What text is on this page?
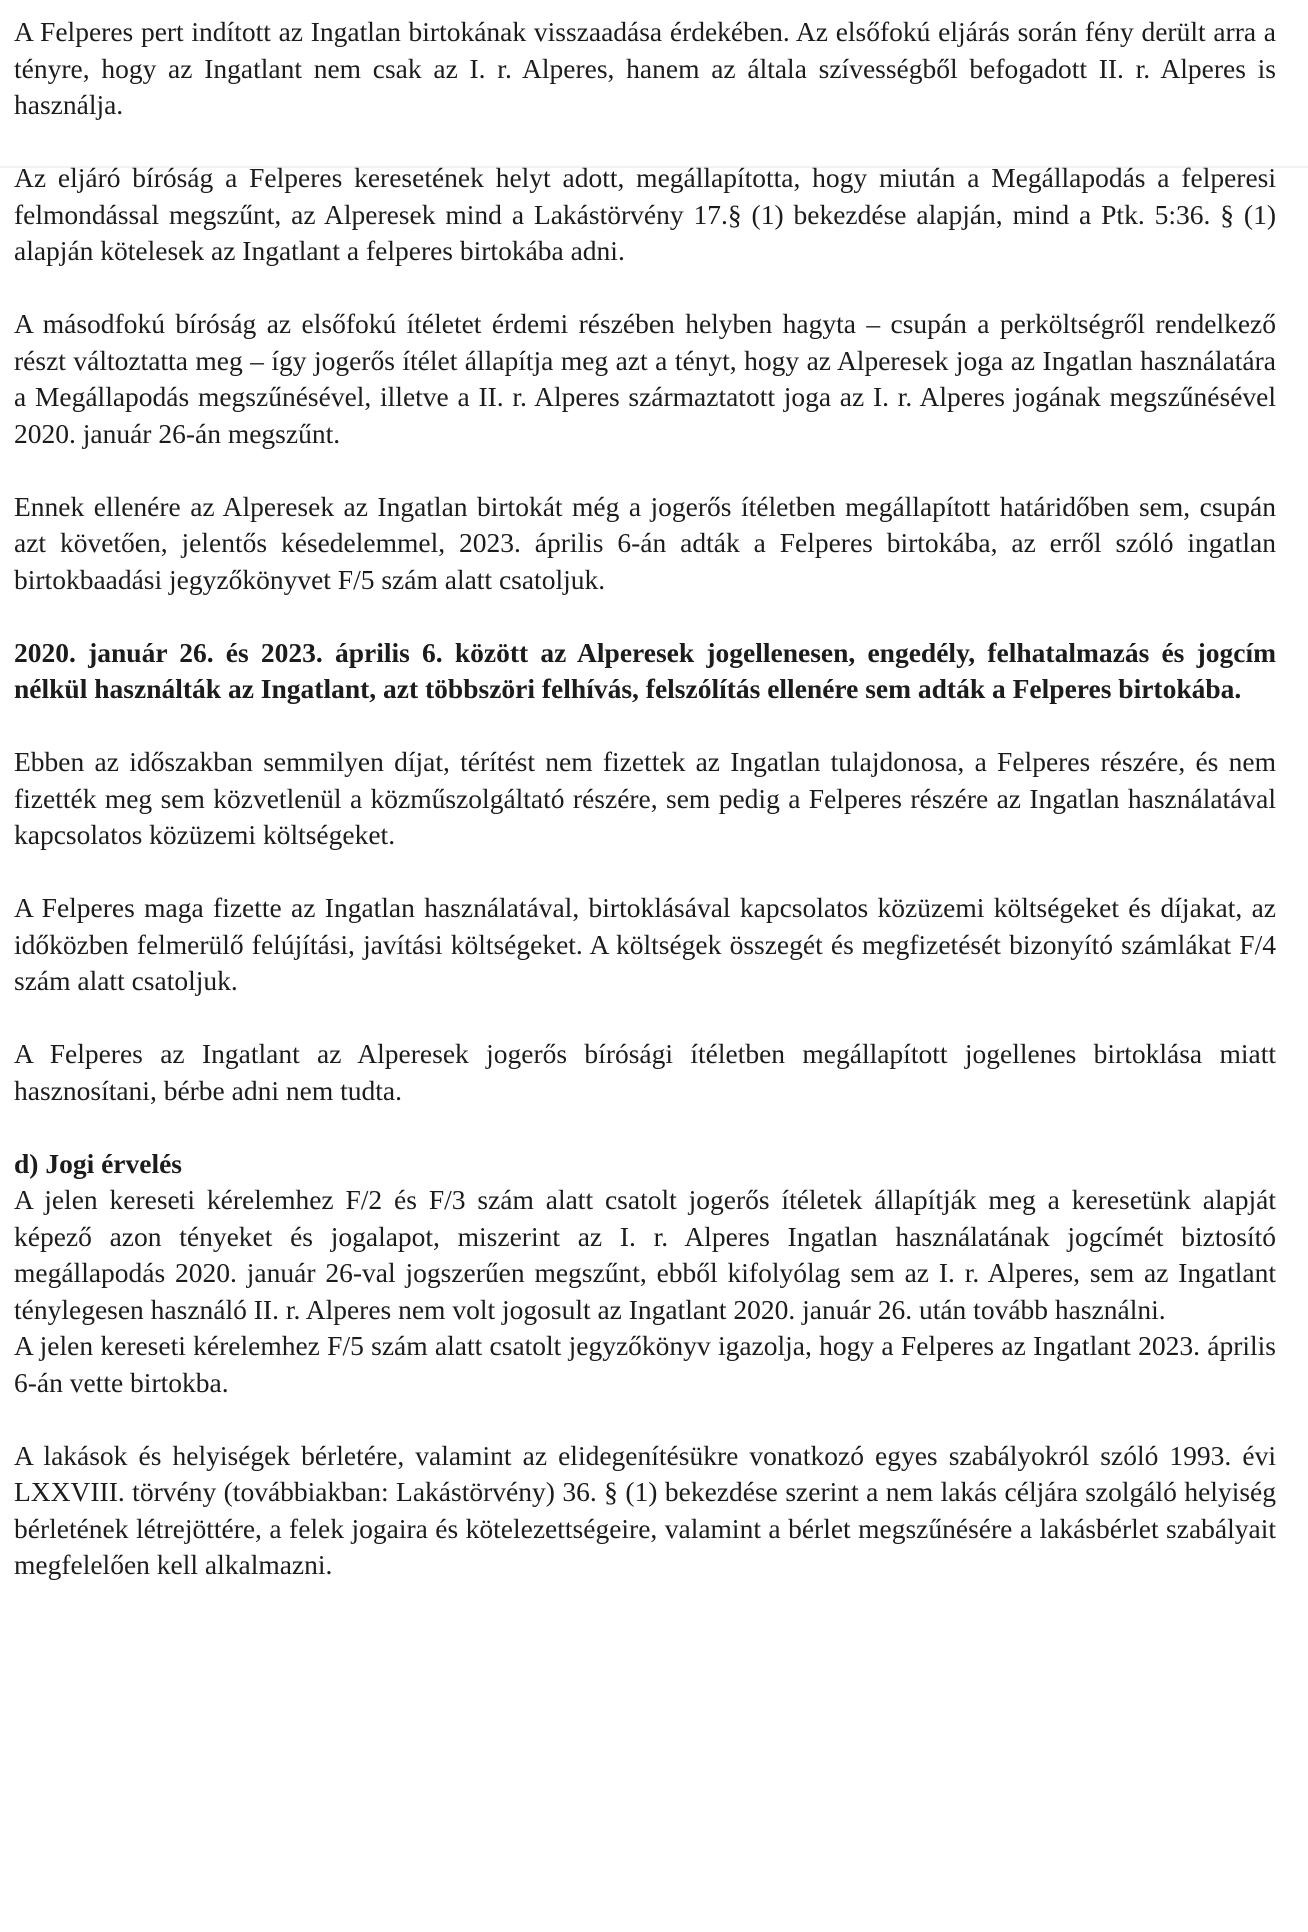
A Felperes pert indított az Ingatlan birtokának visszaadása érdekében. Az elsőfokú eljárás során fény derült arra a tényre, hogy az Ingatlant nem csak az I. r. Alperes, hanem az általa szívességből befogadott II. r. Alperes is használja.

Az eljáró bíróság a Felperes keresetének helyt adott, megállapította, hogy miután a Megállapodás a felperesi felmondással megszűnt, az Alperesek mind a Lakástörvény 17.§ (1) bekezdése alapján, mind a Ptk. 5:36. § (1) alapján kötelesek az Ingatlant a felperes birtokába adni.

A másodfokú bíróság az elsőfokú ítéletet érdemi részében helyben hagyta – csupán a perköltségről rendelkező részt változtatta meg – így jogerős ítélet állapítja meg azt a tényt, hogy az Alperesek joga az Ingatlan használatára a Megállapodás megszűnésével, illetve a II. r. Alperes származtatott joga az I. r. Alperes jogának megszűnésével 2020. január 26-án megszűnt.

Ennek ellenére az Alperesek az Ingatlan birtokát még a jogerős ítéletben megállapított határidőben sem, csupán azt követően, jelentős késedelemmel, 2023. április 6-án adták a Felperes birtokába, az erről szóló ingatlan birtokbaadási jegyzőkönyvet F/5 szám alatt csatoljuk.

2020. január 26. és 2023. április 6. között az Alperesek jogellenesen, engedély, felhatalmazás és jogcím nélkül használták az Ingatlant, azt többszöri felhívás, felszólítás ellenére sem adták a Felperes birtokába.

Ebben az időszakban semmilyen díjat, térítést nem fizettek az Ingatlan tulajdonosa, a Felperes részére, és nem fizették meg sem közvetlenül a közműszolgáltató részére, sem pedig a Felperes részére az Ingatlan használatával kapcsolatos közüzemi költségeket.

A Felperes maga fizette az Ingatlan használatával, birtoklásával kapcsolatos közüzemi költségeket és díjakat, az időközben felmerülő felújítási, javítási költségeket. A költségek összegét és megfizetését bizonyító számlákat F/4 szám alatt csatoljuk.

A Felperes az Ingatlant az Alperesek jogerős bírósági ítéletben megállapított jogellenes birtoklása miatt hasznosítani, bérbe adni nem tudta.

d) Jogi érvelés

A jelen kereseti kérelemhez F/2 és F/3 szám alatt csatolt jogerős ítéletek állapítják meg a keresetünk alapját képező azon tényeket és jogalapot, miszerint az I. r. Alperes Ingatlan használatának jogcímét biztosító megállapodás 2020. január 26-val jogszerűen megszűnt, ebből kifolyólag sem az I. r. Alperes, sem az Ingatlant ténylegesen használó II. r. Alperes nem volt jogosult az Ingatlant 2020. január 26. után tovább használni.

A jelen kereseti kérelemhez F/5 szám alatt csatolt jegyzőkönyv igazolja, hogy a Felperes az Ingatlant 2023. április 6-án vette birtokba.

A lakások és helyiségek bérletére, valamint az elidegenítésükre vonatkozó egyes szabályokról szóló 1993. évi LXXVIII. törvény (továbbiakban: Lakástörvény) 36. § (1) bekezdése szerint a nem lakás céljára szolgáló helyiség bérletének létrejöttére, a felek jogaira és kötelezettségeire, valamint a bérlet megszűnésére a lakásbérlet szabályait megfelelően kell alkalmazni.
